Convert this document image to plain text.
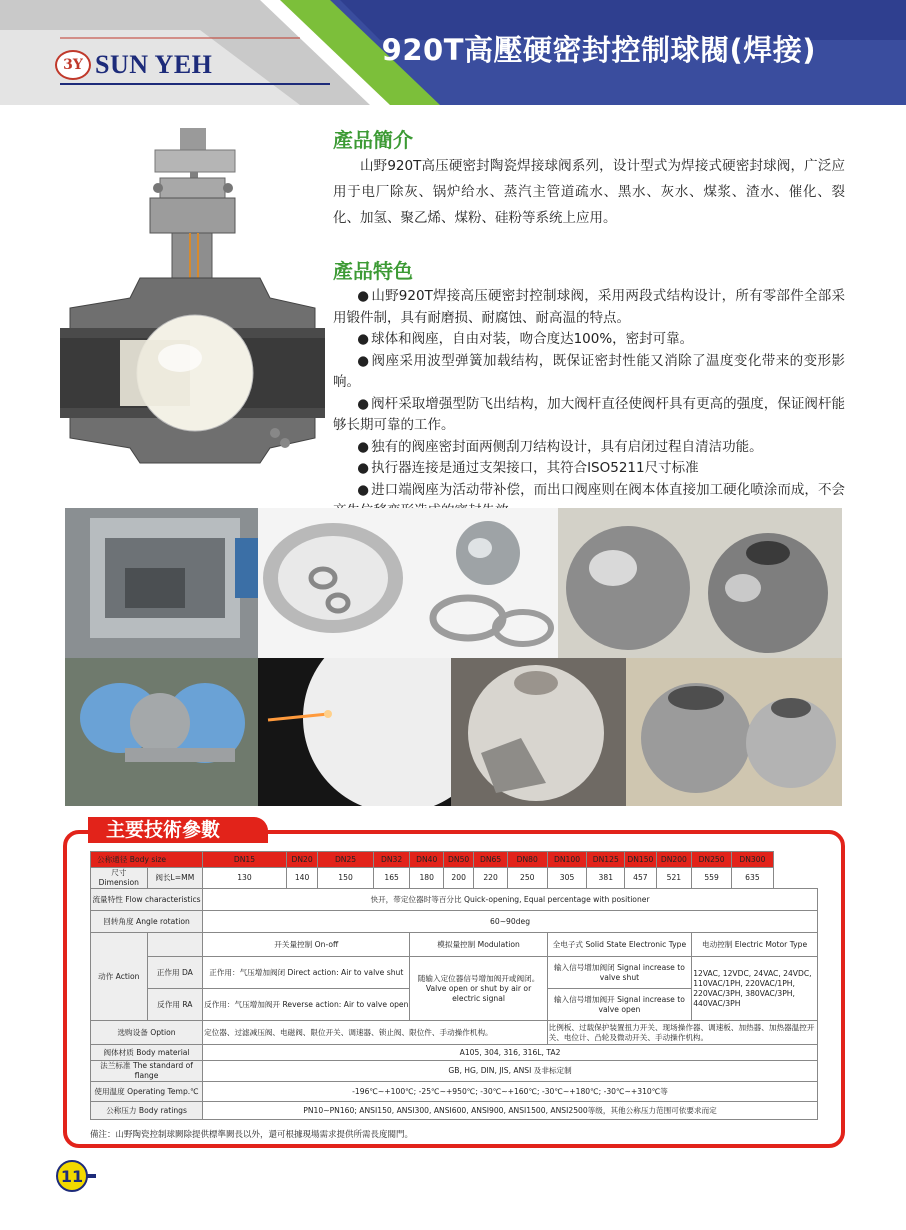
3Y SUN YEH	920T高壓硬密封控制球閥(焊接)
產品簡介
山野920T高压硬密封陶瓷焊接球阀系列，设计型式为焊接式硬密封球阀，广泛应用于电厂除灰、锅炉给水、蒸汽主管道疏水、黑水、灰水、煤浆、渣水、催化、裂化、加氢、聚乙烯、煤粉、硅粉等系统上应用。
產品特色
● 山野920T焊接高压硬密封控制球阀，采用两段式结构设计，所有零部件全部采用锻件制，具有耐磨损、耐腐蚀、耐高温的特点。
● 球体和阀座，自由对装，吻合度达100%，密封可靠。
● 阀座采用波型弹簧加载结构，既保证密封性能又消除了温度变化带来的变形影响。
● 阀杆采取增强型防飞出结构，加大阀杆直径使阀杆具有更高的强度，保证阀杆能够长期可靠的工作。
● 独有的阀座密封面两侧刮刀结构设计，具有启闭过程自清洁功能。
● 执行器连接是通过支架接口，其符合ISO5211尺寸标准
● 进口端阀座为活动带补偿，而出口阀座则在阀本体直接加工硬化喷涂而成，不会
主要技術參數
公称通径 Body size		DN15	DN20	DN25	DN32	DN40	DN50	DN65	DN80	DN100	DN125	DN150	DN200	DN250	DN300
尺寸Dimension	阀长L=MM	130	140	150	165	180	200	220	250	305	381	457	521	559	635
流量特性 Flow characteristics		快开，带定位器时等百分比 Quick-opening, Equal percentage with positioner													
回转角度 Angle rotation		60~90deg													
动作 Action		开关量控制 On-off				模拟量控制 Modulation				全电子式 Solid State Electronic Type				电动控制 Electric Motor Type	
	正作用 DA	正作用：气压增加阀闭 Direct action: Air to valve shut				随输入定位器信号增加阀开或阀闭。 Valve open or shut by air or electric signal				输入信号增加阀闭 Signal increase to valve shut				12VAC, 12VDC, 24VAC, 24VDC, 110VAC/1PH, 220VAC/1PH, 220VAC/3PH, 380VAC/3PH, 440VAC/3PH	
	反作用 RA	反作用：气压增加阀开 Reverse action: Air to valve open								输入信号增加阀开 Signal increase to valve open					
选购设备 Option		定位器、过滤减压阀、电磁阀、限位开关、调速器、锁止阀、限位件、手动操作机构。								比例板、过载保护装置扭力开关、现场操作器、调速板、加热器、加热器温控开关、电位计、凸轮及微动开关、手动操作机构。					
阀体材质 Body material		A105, 304, 316, 316L, TA2													
法兰标准 The standard of flange		GB, HG, DIN, JIS, ANSI 及非标定制													
使用温度 Operating Temp.℃		-196℃~+100℃; -25℃~+950℃; -30℃~+160℃; -30℃~+180℃; -30℃~+310℃等													
公称压力 Body ratings		PN10~PN160; ANSI150, ANSI300, ANSI600, ANSI900, ANSI1500, ANSI2500等级，其他公称压力范围可依要求而定													
備注：山野陶瓷控制球闕除提供標準闕長以外，還可根據現場需求提供所需長度閥門。
11
